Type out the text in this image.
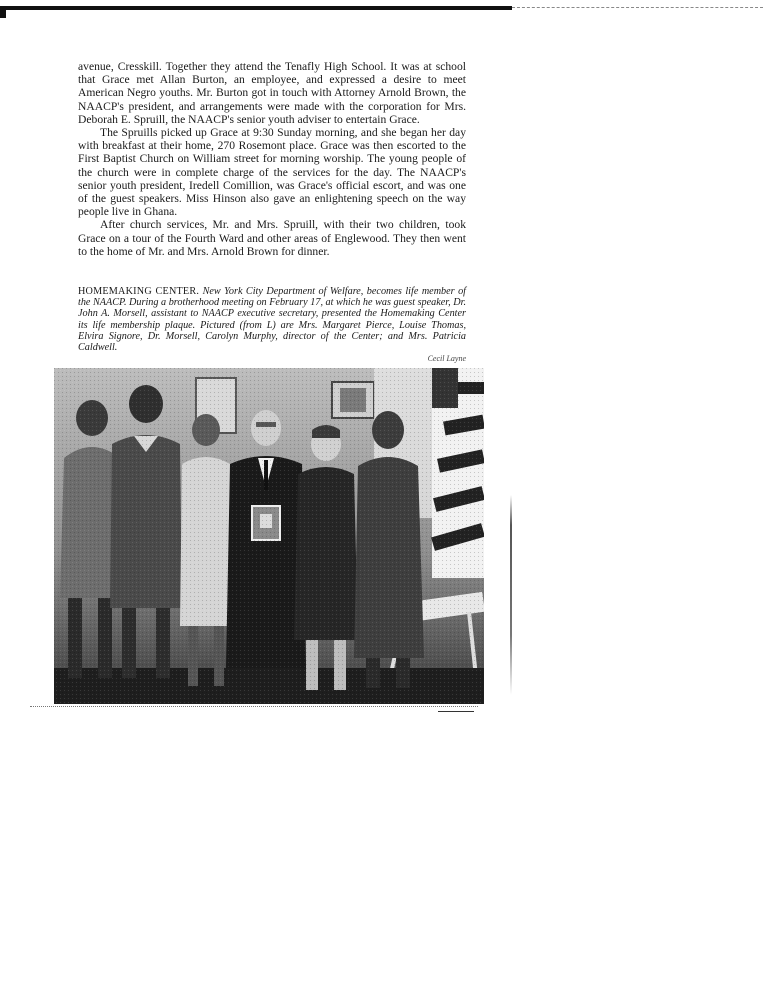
avenue, Cresskill. Together they attend the Tenafly High School. It was at school that Grace met Allan Burton, an employee, and expressed a desire to meet American Negro youths. Mr. Burton got in touch with Attorney Arnold Brown, the NAACP's president, and arrangements were made with the corporation for Mrs. Deborah E. Spruill, the NAACP's senior youth adviser to entertain Grace.

The Spruills picked up Grace at 9:30 Sunday morning, and she began her day with breakfast at their home, 270 Rosemont place. Grace was then escorted to the First Baptist Church on William street for morning worship. The young people of the church were in complete charge of the services for the day. The NAACP's senior youth president, Iredell Comillion, was Grace's official escort, and was one of the guest speakers. Miss Hinson also gave an enlightening speech on the way people live in Ghana.

After church services, Mr. and Mrs. Spruill, with their two children, took Grace on a tour of the Fourth Ward and other areas of Englewood. They then went to the home of Mr. and Mrs. Arnold Brown for dinner.

HOMEMAKING CENTER. New York City Department of Welfare, becomes life member of the NAACP. During a brotherhood meeting on February 17, at which he was guest speaker, Dr. John A. Morsell, assistant to NAACP executive secretary, presented the Homemaking Center its life membership plaque. Pictured (from L) are Mrs. Margaret Pierce, Louise Thomas, Elvira Signore, Dr. Morsell, Carolyn Murphy, director of the Center; and Mrs. Patricia Caldwell.
Cecil Layne
